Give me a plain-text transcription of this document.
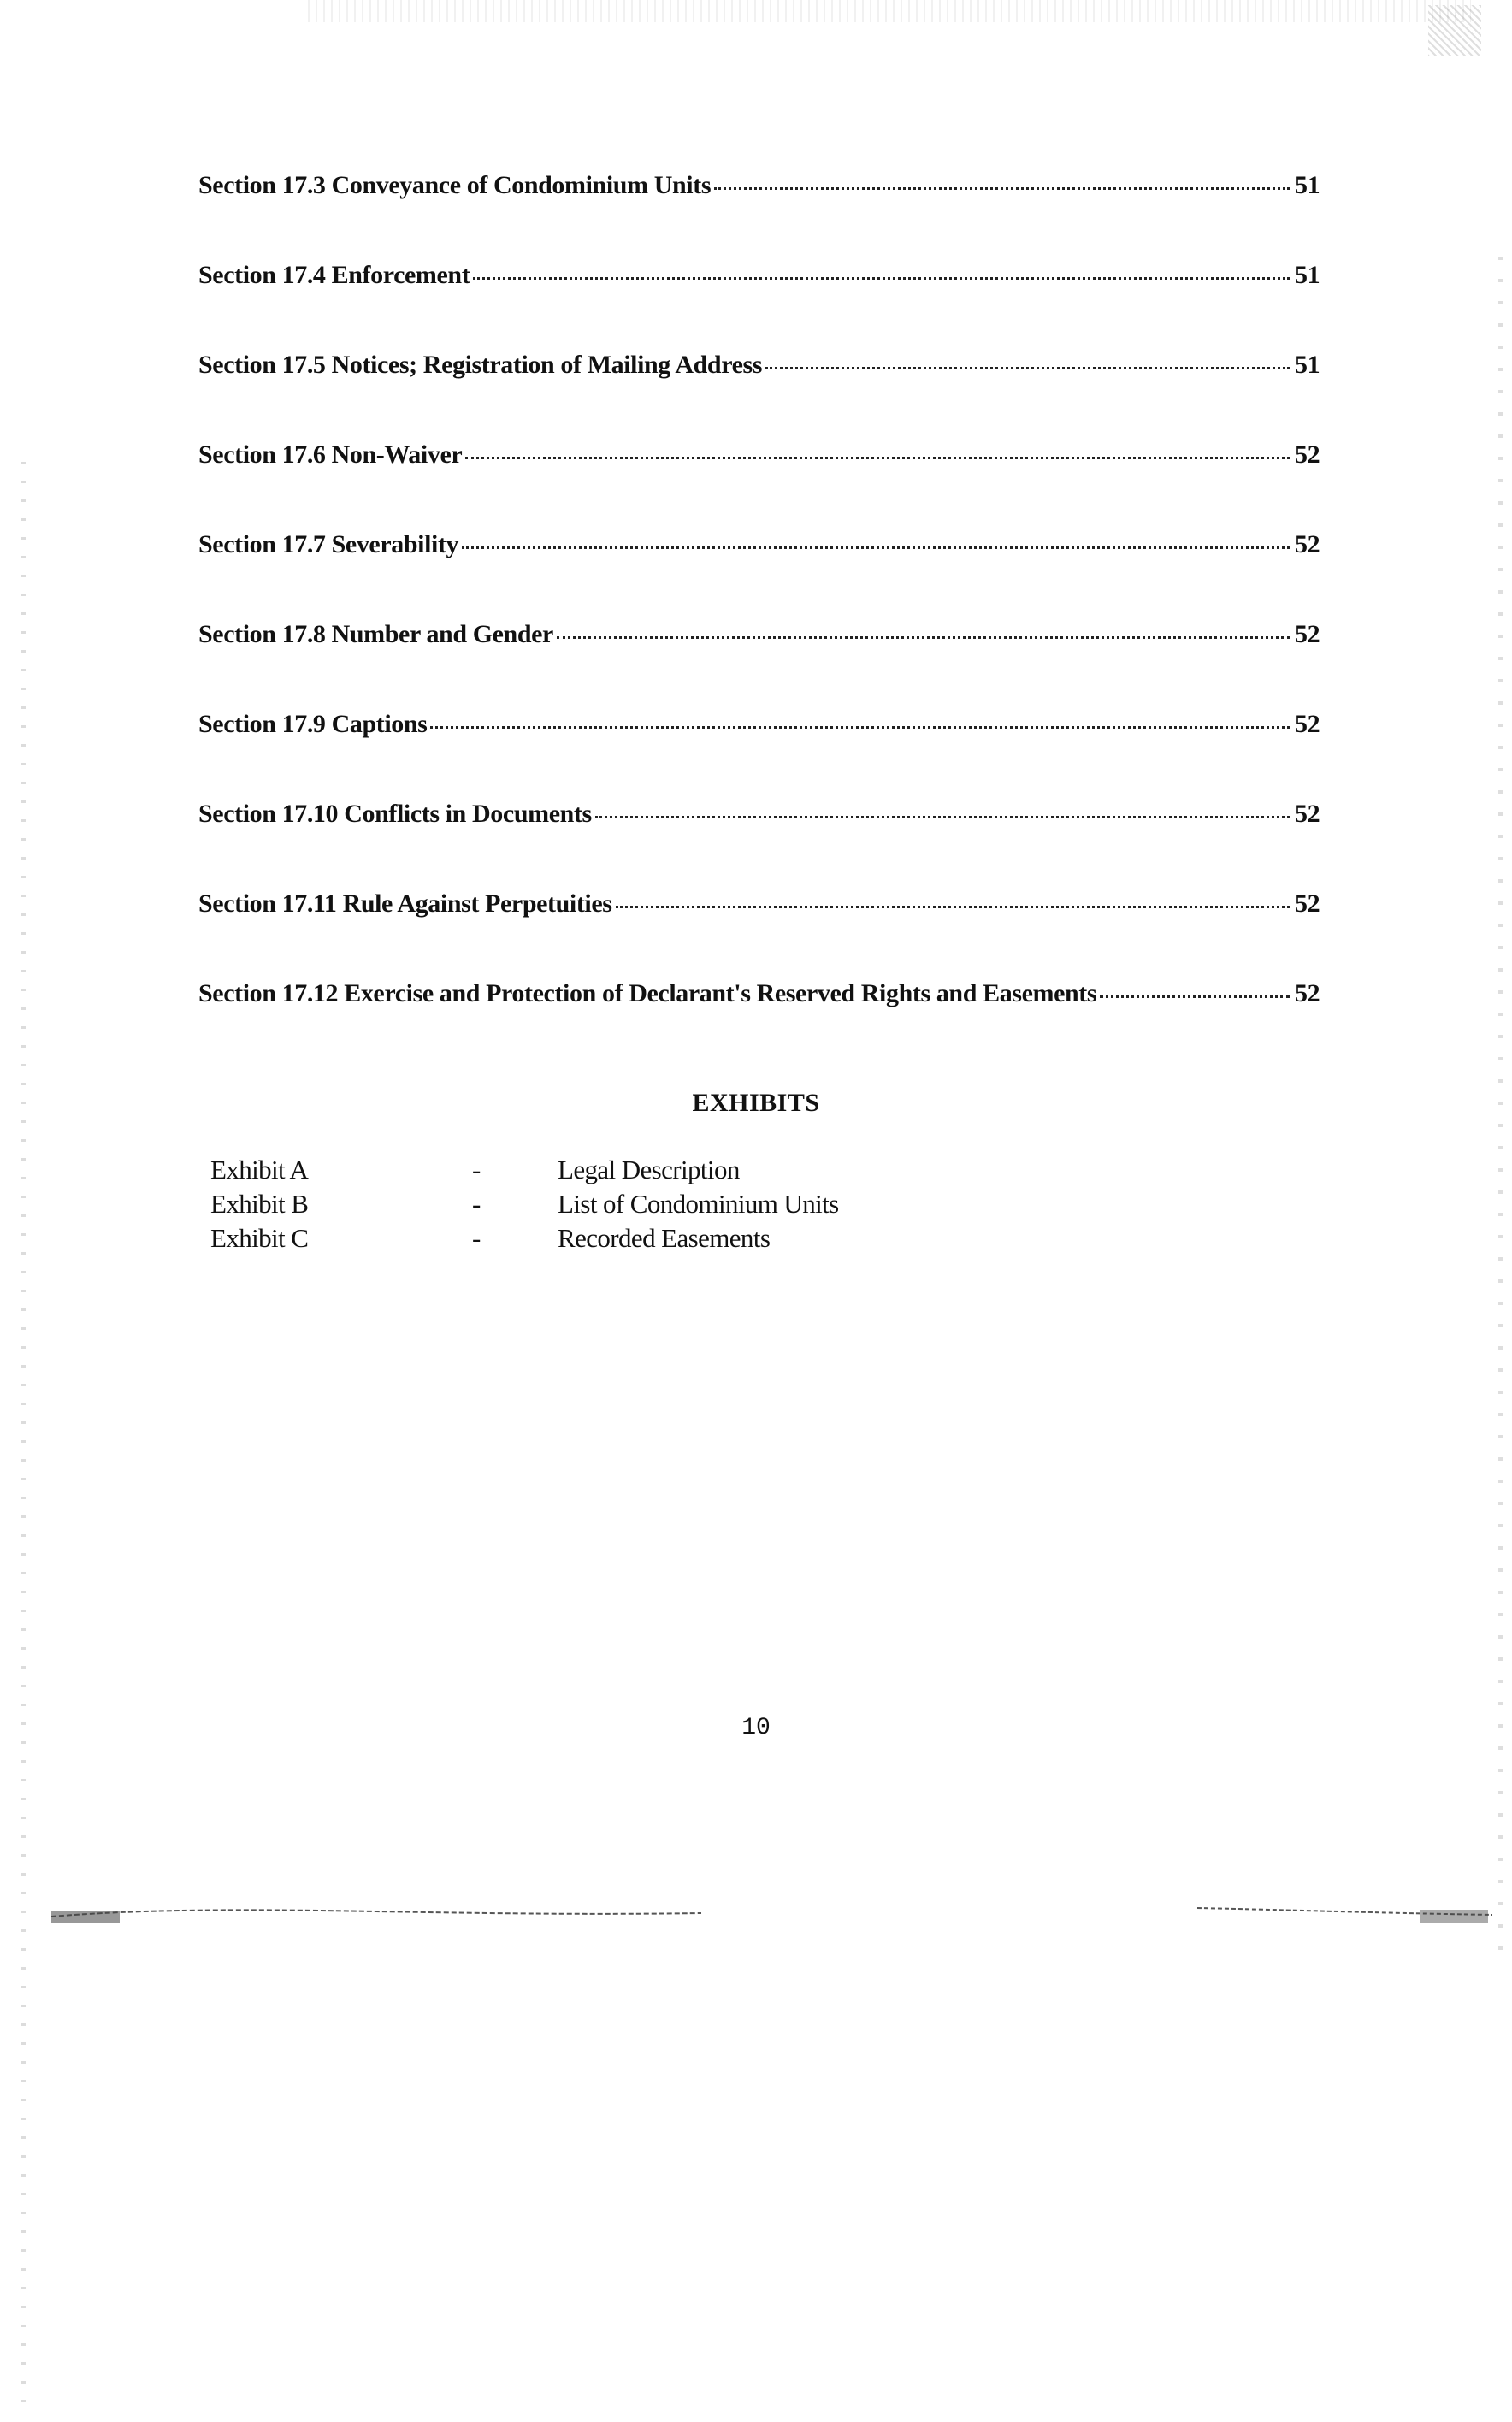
Section 17.3 Conveyance of Condominium Units	51
Section 17.4 Enforcement	51
Section 17.5 Notices; Registration of Mailing Address	51
Section 17.6 Non-Waiver	52
Section 17.7 Severability	52
Section 17.8 Number and Gender	52
Section 17.9 Captions	52
Section 17.10 Conflicts in Documents	52
Section 17.11 Rule Against Perpetuities	52
Section 17.12 Exercise and Protection of Declarant's Reserved Rights and Easements	52
EXHIBITS
Exhibit A	-	Legal Description
Exhibit B	-	List of Condominium Units
Exhibit C	-	Recorded Easements
10
